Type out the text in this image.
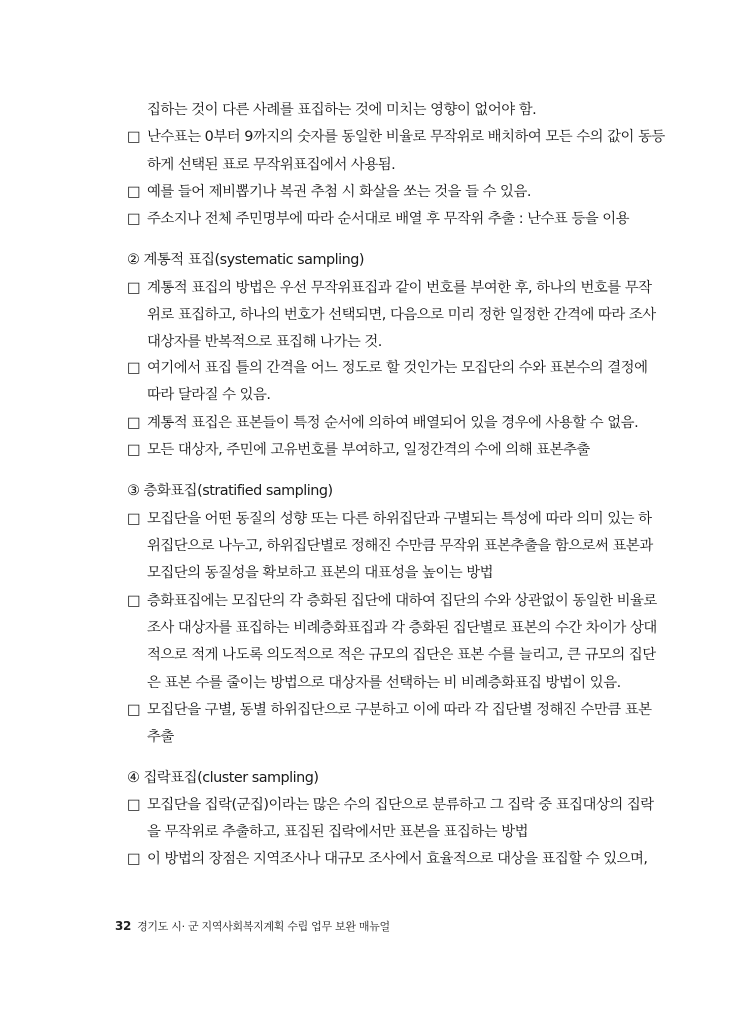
집하는 것이 다른 사례를 표집하는 것에 미치는 영향이 없어야 함.
□ 난수표는 0부터 9까지의 숫자를 동일한 비율로 무작위로 배치하여 모든 수의 값이 동등
하게 선택된 표로 무작위표집에서 사용됨.
□ 예를 들어 제비뽑기나 복권 추첨 시 화살을 쏘는 것을 들 수 있음.
□ 주소지나 전체 주민명부에 따라 순서대로 배열 후 무작위 추출 : 난수표 등을 이용
② 계통적 표집(systematic sampling)
□ 계통적 표집의 방법은 우선 무작위표집과 같이 번호를 부여한 후, 하나의 번호를 무작
위로 표집하고, 하나의 번호가 선택되면, 다음으로 미리 정한 일정한 간격에 따라 조사
대상자를 반복적으로 표집해 나가는 것.
□ 여기에서 표집 틀의 간격을 어느 정도로 할 것인가는 모집단의 수와 표본수의 결정에
따라 달라질 수 있음.
□ 계통적 표집은 표본들이 특정 순서에 의하여 배열되어 있을 경우에 사용할 수 없음.
□ 모든 대상자, 주민에 고유번호를 부여하고, 일정간격의 수에 의해 표본추출
③ 층화표집(stratified sampling)
□ 모집단을 어떤 동질의 성향 또는 다른 하위집단과 구별되는 특성에 따라 의미 있는 하
위집단으로 나누고, 하위집단별로 정해진 수만큼 무작위 표본추출을 함으로써 표본과
모집단의 동질성을 확보하고 표본의 대표성을 높이는 방법
□ 층화표집에는 모집단의 각 층화된 집단에 대하여 집단의 수와 상관없이 동일한 비율로
조사 대상자를 표집하는 비례층화표집과 각 층화된 집단별로 표본의 수간 차이가 상대
적으로 적게 나도록 의도적으로 적은 규모의 집단은 표본 수를 늘리고, 큰 규모의 집단
은 표본 수를 줄이는 방법으로 대상자를 선택하는 비 비례층화표집 방법이 있음.
□ 모집단을 구별, 동별 하위집단으로 구분하고 이에 따라 각 집단별 정해진 수만큼 표본
추출
④ 집락표집(cluster sampling)
□ 모집단을 집락(군집)이라는 많은 수의 집단으로 분류하고 그 집락 중 표집대상의 집락
을 무작위로 추출하고, 표집된 집락에서만 표본을 표집하는 방법
□ 이 방법의 장점은 지역조사나 대규모 조사에서 효율적으로 대상을 표집할 수 있으며,
32 경기도 시· 군 지역사회복지계획 수립 업무 보완 매뉴얼
